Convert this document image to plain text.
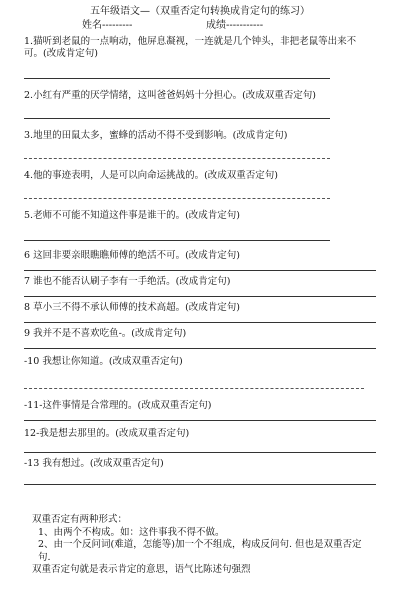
五年级语文—（双重否定句转换成肯定句的练习）
姓名---------	成绩-----------
1.猫听到老鼠的一点响动，他屏息凝视，一连就是几个钟头，非把老鼠等出来不可。(改成肯定句)
2.小红有严重的厌学情绪，这叫爸爸妈妈十分担心。(改成双重否定句)
3.地里的田鼠太多，蜜蜂的活动不得不受到影响。(改成肯定句)
4.他的事迹表明，人是可以向命运挑战的。(改成双重否定句)
5.老师不可能不知道这件事是谁干的。(改成肯定句)
6 这回非要亲眼瞧瞧师傅的绝活不可。(改成肯定句)
7 谁也不能否认刷子李有一手绝活。(改成肯定句)
8 草小三不得不承认师傅的技术高超。(改成肯定句)
9 我并不是不喜欢吃鱼-。(改成肯定句)
-10 我想让你知道。(改成双重否定句)
-11-这件事情是合常理的。(改成双重否定句)
12-我是想去那里的。(改成双重否定句)
-13 我有想过。(改成双重否定句)
双重否定有两种形式：
1、由两个不构成。如：这件事我不得不做。
2、由一个反问词(难道，怎能等)加一个不组成，构成反问句. 但也是双重否定句.
双重否定句就是表示肯定的意思，语气比陈述句强烈
